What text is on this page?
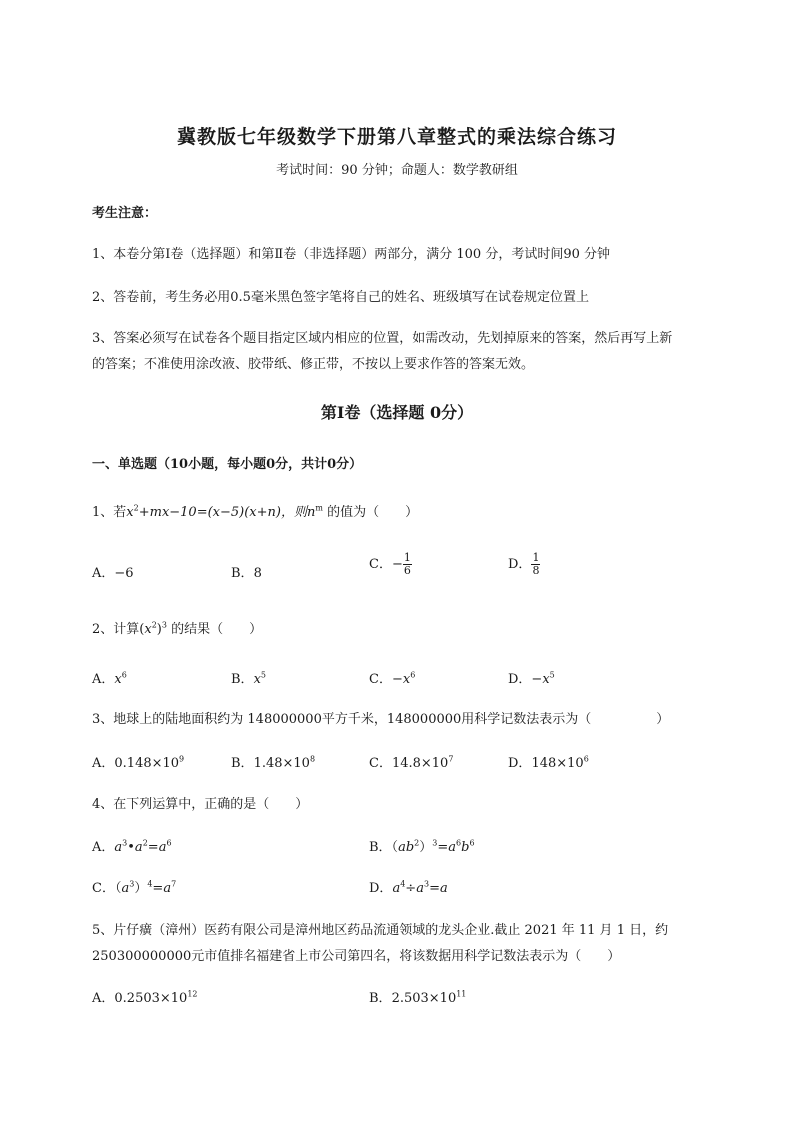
冀教版七年级数学下册第八章整式的乘法综合练习
考试时间：90 分钟；命题人：数学教研组
考生注意：
1、本卷分第Ⅰ卷（选择题）和第Ⅱ卷（非选择题）两部分，满分 100 分，考试时间90 分钟
2、答卷前，考生务必用0.5毫米黑色签字笔将自己的姓名、班级填写在试卷规定位置上
3、答案必须写在试卷各个题目指定区域内相应的位置，如需改动，先划掉原来的答案，然后再写上新
的答案；不准使用涂改液、胶带纸、修正带，不按以上要求作答的答案无效。
第Ⅰ卷（选择题 0分）
一、单选题（10小题，每小题0分，共计0分）
1、若$x^2+mx-10=(x-5)(x+n)$，则$n^m$ 的值为（　　）
A．−6	B．8
C．− $\frac{1}{6}$	D． $\frac{1}{8}$
2、计算$(x^2)^3$ 的结果（　　）
A．$x^6$	B．$x^5$	C．$-x^6$	D．$-x^5$
3、地球上的陆地面积约为 148000000平方千米，148000000用科学记数法表示为（　　　　　）
A．$0.148\times 10^9$	B．$1.48\times 10^8$	C．$14.8\times 10^7$	D．$148\times 10^6$
4、在下列运算中，正确的是（　　）
A．$a^3•a^2=a^6$	B．$(ab^2)^3=a^6b^6$
C．$(a^3)^4=a^7$	D．$a^4\div a^3=a$
5、片仔癀（漳州）医药有限公司是漳州地区药品流通领域的龙头企业.截止 2021 年 11 月 1 日，约
250300000000元市值排名福建省上市公司第四名，将该数据用科学记数法表示为（　　）
A．$0.2503\times 10^{12}$	B．$2.503\times 10^{11}$
